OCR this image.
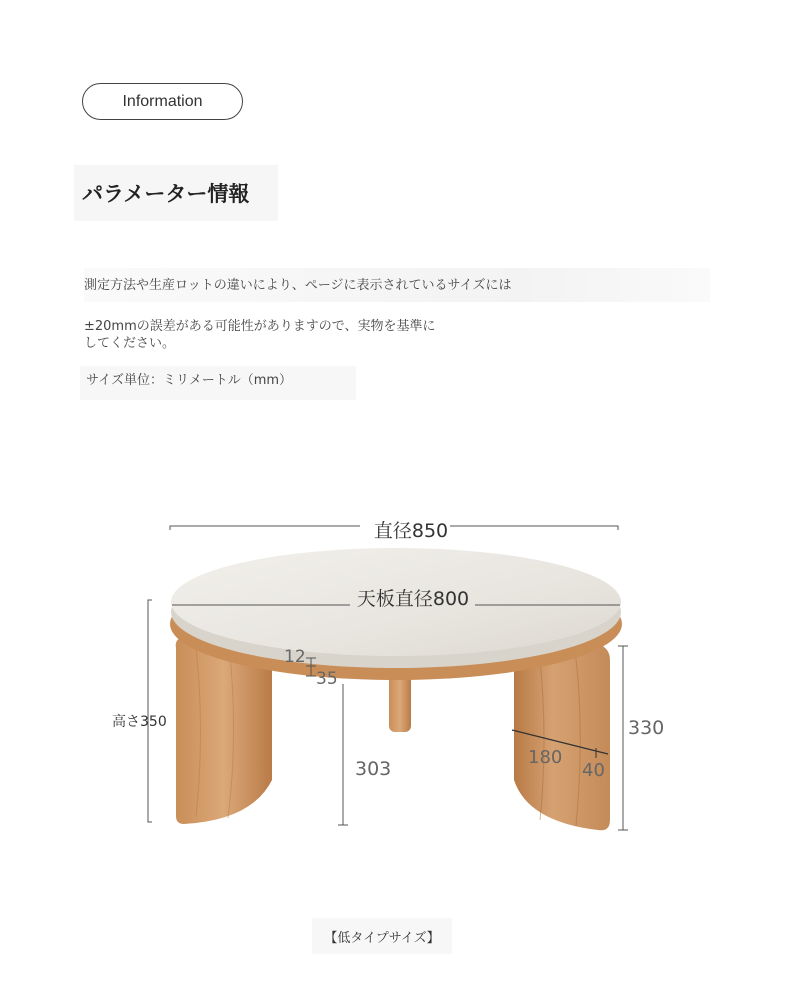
Information
パラメーター情報
測定方法や生産ロットの違いにより、ページに表示されているサイズには
±20mmの誤差がある可能性がありますので、実物を基準に
してください。
サイズ単位：ミリメートル（mm）
直径850
天板直径800
高さ350
12
35
303
180
40
330
【低タイプサイズ】
